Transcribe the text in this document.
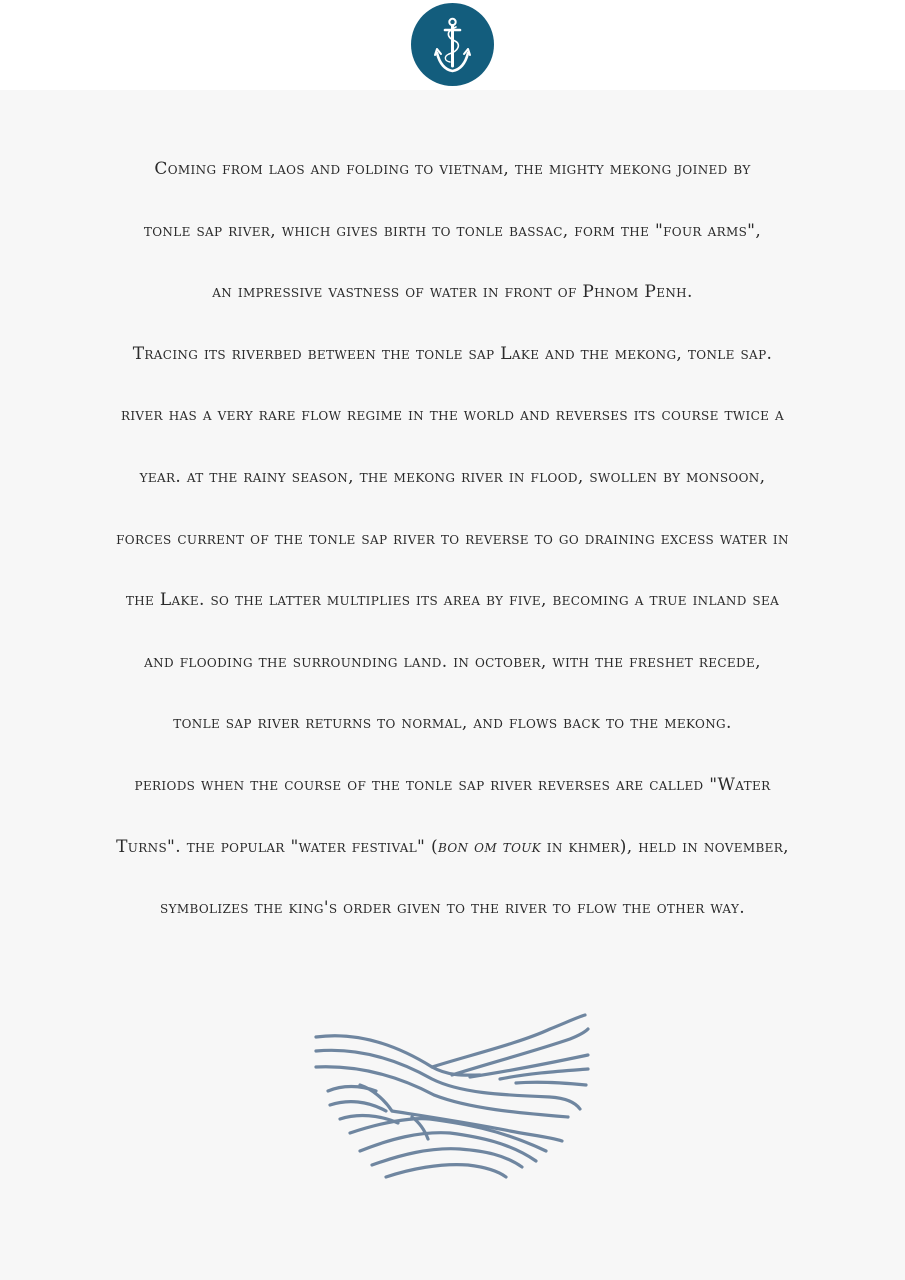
Coming from laos and folding to vietnam, the mighty mekong joined by
tonle sap river, which gives birth to tonle bassac, form the "four arms",
an impressive vastness of water in front of Phnom Penh.
Tracing its riverbed between the tonle sap Lake and the mekong, tonle sap.
river has a very rare flow regime in the world and reverses its course twice a
year. at the rainy season, the mekong river in flood, swollen by monsoon,
forces current of the tonle sap river to reverse to go draining excess water in
the Lake. so the latter multiplies its area by five, becoming a true inland sea
and flooding the surrounding land. in october, with the freshet recede,
tonle sap river returns to normal, and flows back to the mekong.
periods when the course of the tonle sap river reverses are called "Water
Turns". the popular "water festival" (bon om touk in khmer), held in november,
symbolizes the king's order given to the river to flow the other way.
